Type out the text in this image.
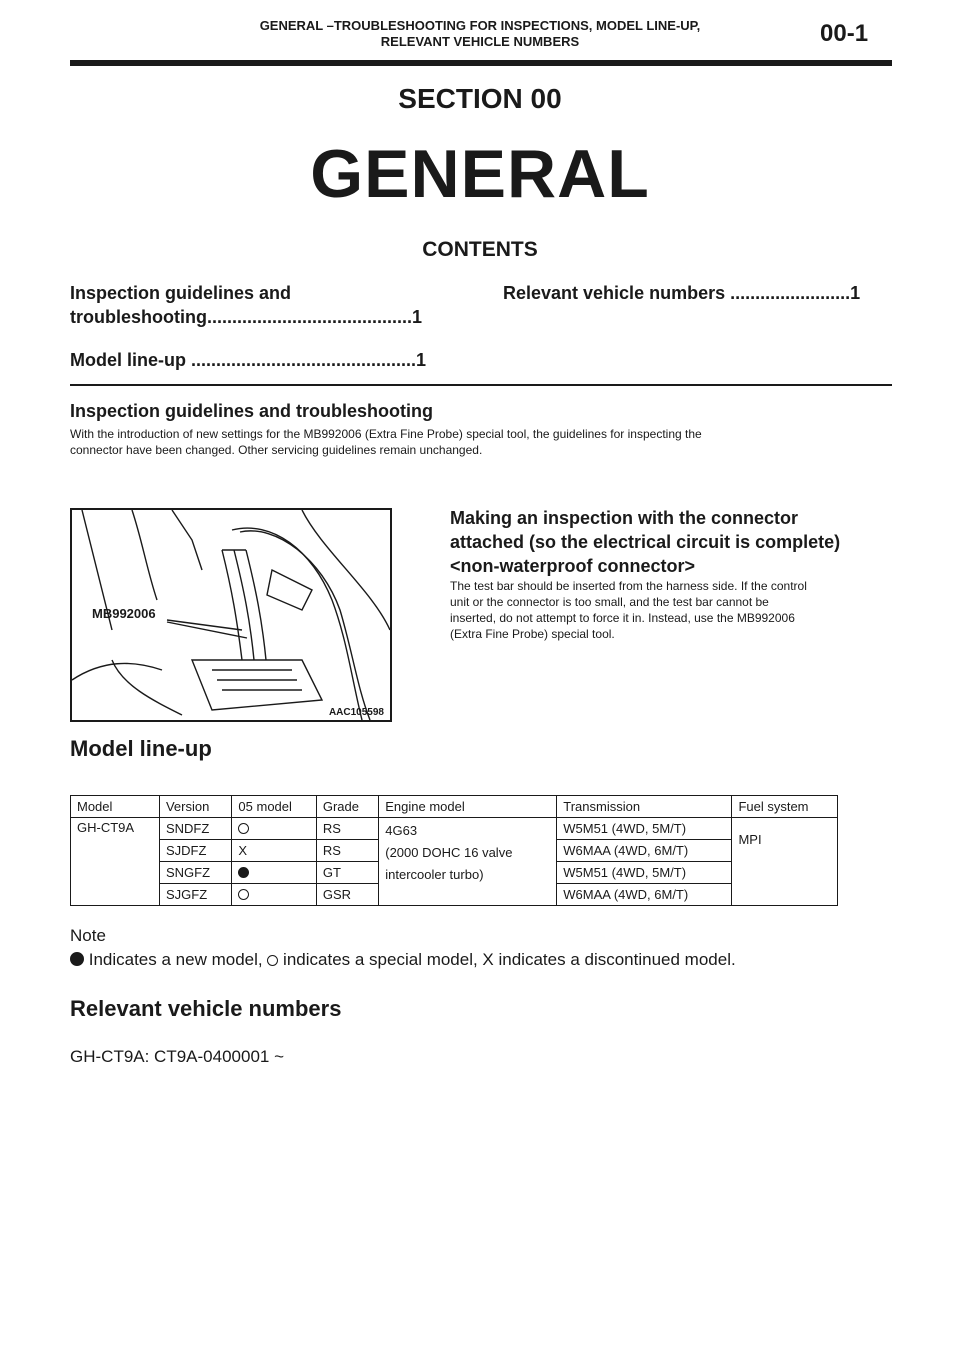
GENERAL –TROUBLESHOOTING FOR INSPECTIONS, MODEL LINE-UP,
RELEVANT VEHICLE NUMBERS	00-1
SECTION 00
GENERAL
CONTENTS
Inspection guidelines and
troubleshooting.........................................1
Model line-up .............................................1
Relevant vehicle numbers ........................1
Inspection guidelines and troubleshooting
With the introduction of new settings for the MB992006 (Extra Fine Probe) special tool, the guidelines for inspecting the
connector have been changed. Other servicing guidelines remain unchanged.
MB992006
AAC105598
Making an inspection with the connector
attached (so the electrical circuit is complete)
<non-waterproof connector>
The test bar should be inserted from the harness side. If the control
unit or the connector is too small, and the test bar cannot be
inserted, do not attempt to force it in. Instead, use the MB992006
(Extra Fine Probe) special tool.
Model line-up
Model	Version	05 model	Grade	Engine model	Transmission	Fuel system
GH-CT9A	SNDFZ		RS	4G63
(2000 DOHC 16 valve
intercooler turbo)	W5M51 (4WD, 5M/T)	MPI
	SJDFZ	X	RS		W6MAA (4WD, 6M/T)	
	SNGFZ		GT		W5M51 (4WD, 5M/T)	
	SJGFZ		GSR		W6MAA (4WD, 6M/T)	
Note
Indicates a new model,  indicates a special model, X indicates a discontinued model.
Relevant vehicle numbers
GH-CT9A: CT9A-0400001 ~
